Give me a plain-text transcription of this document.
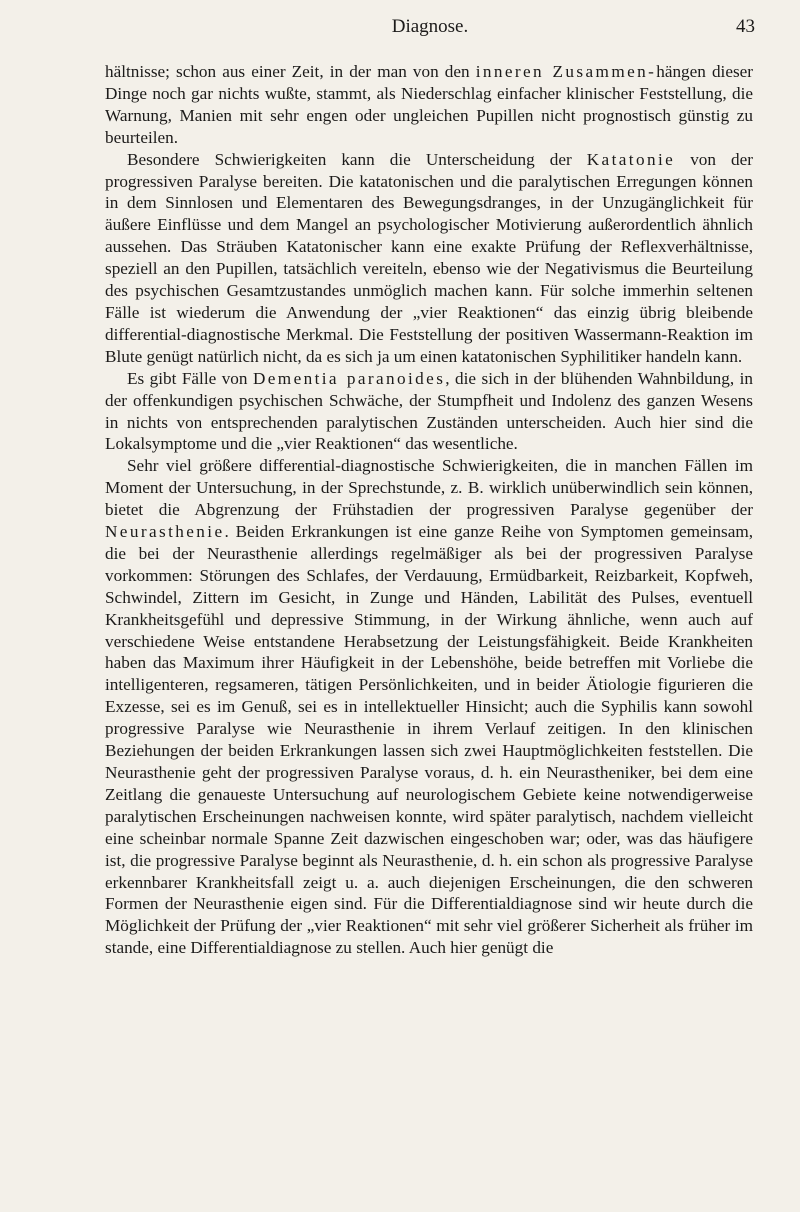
Diagnose.	43

hältnisse; schon aus einer Zeit, in der man von den inneren Zusammen-hängen dieser Dinge noch gar nichts wußte, stammt, als Niederschlag einfacher klinischer Feststellung, die Warnung, Manien mit sehr engen oder ungleichen Pupillen nicht prognostisch günstig zu beurteilen.

Besondere Schwierigkeiten kann die Unterscheidung der Katatonie von der progressiven Paralyse bereiten. Die katatonischen und die paralytischen Erregungen können in dem Sinnlosen und Elementaren des Bewegungsdranges, in der Unzugänglichkeit für äußere Einflüsse und dem Mangel an psychologischer Motivierung außerordentlich ähnlich aussehen. Das Sträuben Katatonischer kann eine exakte Prüfung der Reflexverhältnisse, speziell an den Pupillen, tatsächlich vereiteln, ebenso wie der Negativismus die Beurteilung des psychischen Gesamtzustandes unmöglich machen kann. Für solche immerhin seltenen Fälle ist wiederum die Anwendung der „vier Reaktionen“ das einzig übrig bleibende differential-diagnostische Merkmal. Die Feststellung der positiven Wassermann-Reaktion im Blute genügt natürlich nicht, da es sich ja um einen katatonischen Syphilitiker handeln kann.

Es gibt Fälle von Dementia paranoides, die sich in der blühenden Wahnbildung, in der offenkundigen psychischen Schwäche, der Stumpfheit und Indolenz des ganzen Wesens in nichts von entsprechenden paralytischen Zuständen unterscheiden. Auch hier sind die Lokalsymptome und die „vier Reaktionen“ das wesentliche.

Sehr viel größere differential-diagnostische Schwierigkeiten, die in manchen Fällen im Moment der Untersuchung, in der Sprechstunde, z. B. wirklich unüberwindlich sein können, bietet die Abgrenzung der Frühstadien der progressiven Paralyse gegenüber der Neurasthenie. Beiden Erkrankungen ist eine ganze Reihe von Symptomen gemeinsam, die bei der Neurasthenie allerdings regelmäßiger als bei der progressiven Paralyse vorkommen: Störungen des Schlafes, der Verdauung, Ermüdbarkeit, Reizbarkeit, Kopfweh, Schwindel, Zittern im Gesicht, in Zunge und Händen, Labilität des Pulses, eventuell Krankheitsgefühl und depressive Stimmung, in der Wirkung ähnliche, wenn auch auf verschiedene Weise entstandene Herabsetzung der Leistungsfähigkeit. Beide Krankheiten haben das Maximum ihrer Häufigkeit in der Lebenshöhe, beide betreffen mit Vorliebe die intelligenteren, regsameren, tätigen Persönlichkeiten, und in beider Ätiologie figurieren die Exzesse, sei es im Genuß, sei es in intellektueller Hinsicht; auch die Syphilis kann sowohl progressive Paralyse wie Neurasthenie in ihrem Verlauf zeitigen. In den klinischen Beziehungen der beiden Erkrankungen lassen sich zwei Hauptmöglichkeiten feststellen. Die Neurasthenie geht der progressiven Paralyse voraus, d. h. ein Neurastheniker, bei dem eine Zeitlang die genaueste Untersuchung auf neurologischem Gebiete keine notwendigerweise paralytischen Erscheinungen nachweisen konnte, wird später paralytisch, nachdem vielleicht eine scheinbar normale Spanne Zeit dazwischen eingeschoben war; oder, was das häufigere ist, die progressive Paralyse beginnt als Neurasthenie, d. h. ein schon als progressive Paralyse erkennbarer Krankheitsfall zeigt u. a. auch diejenigen Erscheinungen, die den schweren Formen der Neurasthenie eigen sind. Für die Differentialdiagnose sind wir heute durch die Möglichkeit der Prüfung der „vier Reaktionen“ mit sehr viel größerer Sicherheit als früher im stande, eine Differentialdiagnose zu stellen. Auch hier genügt die
